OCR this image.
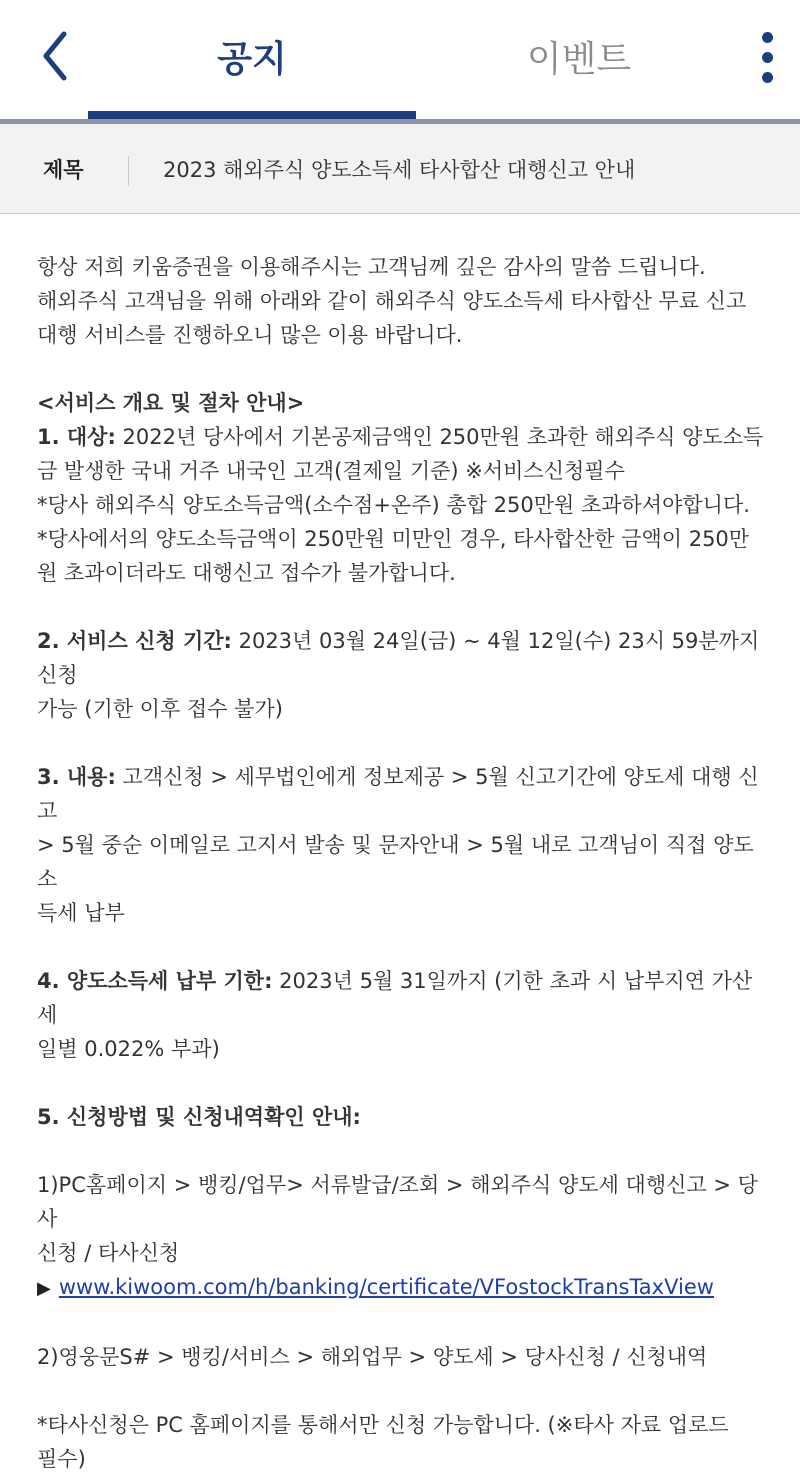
공지	이벤트
제목	2023 해외주식 양도소득세 타사합산 대행신고 안내

항상 저희 키움증권을 이용해주시는 고객님께 깊은 감사의 말씀 드립니다.

해외주식 고객님을 위해 아래와 같이 해외주식 양도소득세 타사합산 무료 신고

대행 서비스를 진행하오니 많은 이용 바랍니다.

<서비스 개요 및 절차 안내>

1. 대상: 2022년 당사에서 기본공제금액인 250만원 초과한 해외주식 양도소득

금 발생한 국내 거주 내국인 고객(결제일 기준) ※서비스신청필수

*당사 해외주식 양도소득금액(소수점+온주) 총합 250만원 초과하셔야합니다.

*당사에서의 양도소득금액이 250만원 미만인 경우, 타사합산한 금액이 250만

원 초과이더라도 대행신고 접수가 불가합니다.

2. 서비스 신청 기간: 2023년 03월 24일(금) ~ 4월 12일(수) 23시 59분까지 신청

가능 (기한 이후 접수 불가)

3. 내용: 고객신청 > 세무법인에게 정보제공 > 5월 신고기간에 양도세 대행 신고

> 5월 중순 이메일로 고지서 발송 및 문자안내 > 5월 내로 고객님이 직접 양도소

득세 납부

4. 양도소득세 납부 기한: 2023년 5월 31일까지 (기한 초과 시 납부지연 가산세

일별 0.022% 부과)

5. 신청방법 및 신청내역확인 안내:

1)PC홈페이지 > 뱅킹/업무> 서류발급/조회 > 해외주식 양도세 대행신고 > 당사

신청 / 타사신청

▶ www.kiwoom.com/h/banking/certificate/VFostockTransTaxView

2)영웅문S# > 뱅킹/서비스 > 해외업무 > 양도세 > 당사신청 / 신청내역

*타사신청은 PC 홈페이지를 통해서만 신청 가능합니다. (※타사 자료 업로드

필수)
